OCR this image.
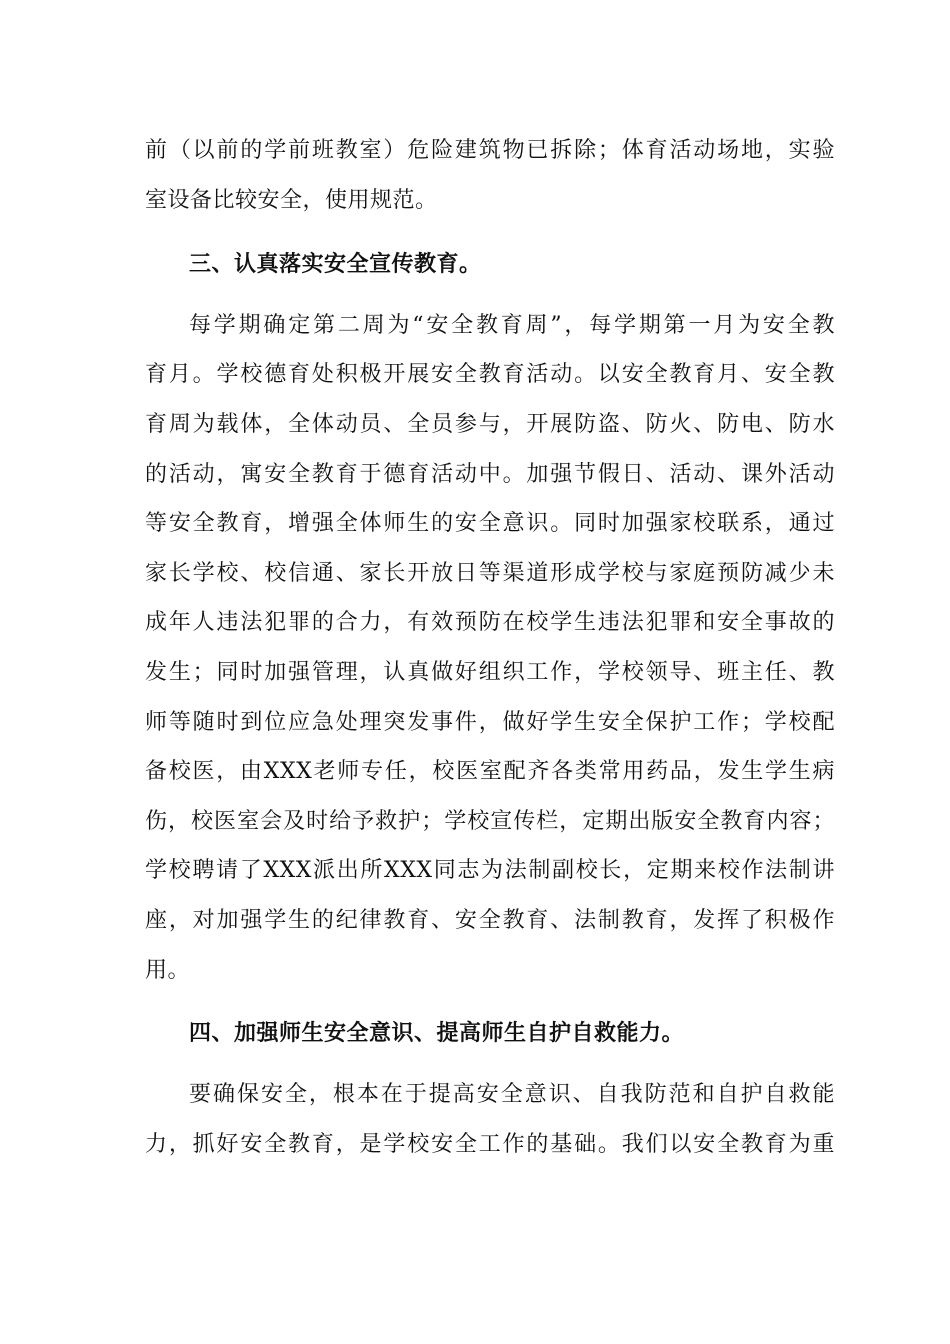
前（以前的学前班教室）危险建筑物已拆除；体育活动场地，实验
室设备比较安全，使用规范。
三、认真落实安全宣传教育。
每学期确定第二周为“安全教育周”，每学期第一月为安全教
育月。学校德育处积极开展安全教育活动。以安全教育月、安全教
育周为载体，全体动员、全员参与，开展防盗、防火、防电、防水
的活动，寓安全教育于德育活动中。加强节假日、活动、课外活动
等安全教育，增强全体师生的安全意识。同时加强家校联系，通过
家长学校、校信通、家长开放日等渠道形成学校与家庭预防减少未
成年人违法犯罪的合力，有效预防在校学生违法犯罪和安全事故的
发生；同时加强管理，认真做好组织工作，学校领导、班主任、教
师等随时到位应急处理突发事件，做好学生安全保护工作；学校配
备校医，由XXX老师专任，校医室配齐各类常用药品，发生学生病
伤，校医室会及时给予救护；学校宣传栏，定期出版安全教育内容；
学校聘请了XXX派出所XXX同志为法制副校长，定期来校作法制讲
座，对加强学生的纪律教育、安全教育、法制教育，发挥了积极作
用。
四、加强师生安全意识、提高师生自护自救能力。
要确保安全，根本在于提高安全意识、自我防范和自护自救能
力，抓好安全教育，是学校安全工作的基础。我们以安全教育为重
